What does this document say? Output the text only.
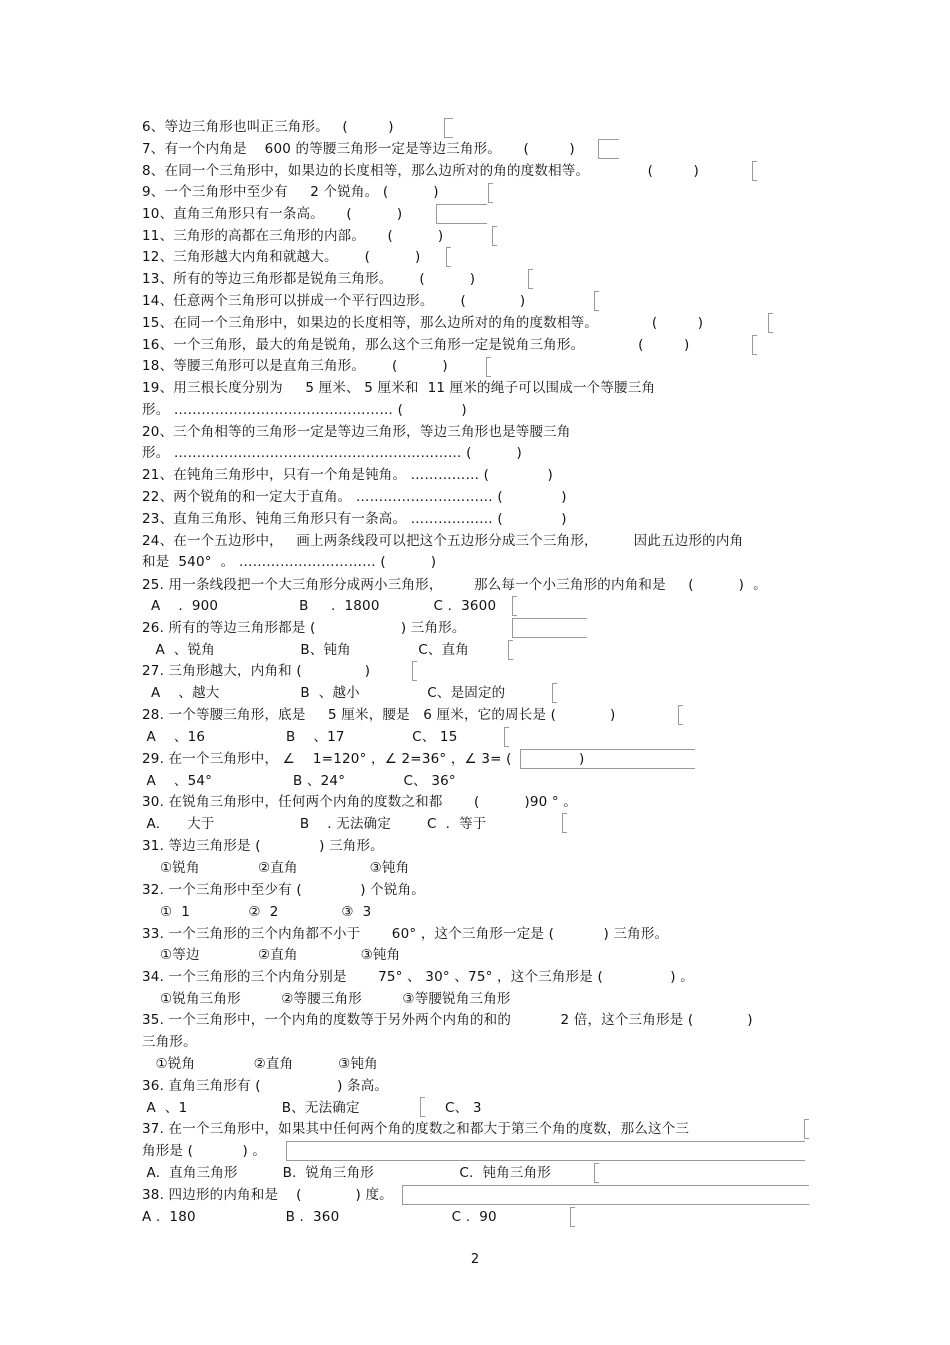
6、等边三角形也叫正三角形。   (         )
7、有一个内角是    600 的等腰三角形一定是等边三角形。     (         )
8、在同一个三角形中，如果边的长度相等，那么边所对的角的度数相等。             (         )
9、一个三角形中至少有     2 个锐角。 (          )
10、直角三角形只有一条高。     (          )
11、三角形的高都在三角形的内部。     (          )
12、三角形越大内角和就越大。      (          )
13、所有的等边三角形都是锐角三角形。      (          )
14、任意两个三角形可以拼成一个平行四边形。      (            )
15、在同一个三角形中，如果边的长度相等，那么边所对的角的度数相等。            (         )
16、一个三角形，最大的角是锐角，那么这个三角形一定是锐角三角形。            (         )
18、等腰三角形可以是直角三角形。      (          )
19、用三根长度分别为     5 厘米、 5 厘米和  11 厘米的绳子可以围成一个等腰三角
形。 ………………………………………… (             )
20、三个角相等的三角形一定是等边三角形，等边三角形也是等腰三角
形。 ……………………………………………………… (          )
21、在钝角三角形中，只有一个角是钝角。 …………… (             )
22、两个锐角的和一定大于直角。 ………………………… (             )
23、直角三角形、钝角三角形只有一条高。 ……………… (             )
24、在一个五边形中，   画上两条线段可以把这个五边形分成三个三角形，        因此五边形的内角
和是  540°  。 ………………………… (          )
25. 用一条线段把一个大三角形分成两小三角形，       那么每一个小三角形的内角和是     (          )  。
A    .  900                  B     .  1800            C .  3600
26. 所有的等边三角形都是 (                   ) 三角形。
A  、锐角                   B、钝角               C、直角
27. 三角形越大，内角和 (              )
A    、越大                  B  、越小               C、是固定的
28. 一个等腰三角形，底是     5 厘米，腰是   6 厘米，它的周长是 (            )
A    、16                  B    、17               C、 15
29. 在一个三角形中， ∠    1=120° ，∠ 2=36° ，∠ 3= (               )
A    、54°                  B 、24°             C、 36°
30. 在锐角三角形中，任何两个内角的度数之和都       (          )90 ° 。
A.      大于                   B    . 无法确定        C  .  等于
31. 等边三角形是 (             ) 三角形。
①锐角             ②直角                ③钝角
32. 一个三角形中至少有 (             ) 个锐角。
①  1             ②  2              ③  3
33. 一个三角形的三个内角都不小于       60° ，这个三角形一定是 (           ) 三角形。
①等边             ②直角              ③钝角
34. 一个三角形的三个内角分别是       75° 、 30° 、75° ，这个三角形是 (               ) 。
①锐角三角形         ②等腰三角形         ③等腰锐角三角形
35. 一个三角形中，一个内角的度数等于另外两个内角的和的           2 倍，这个三角形是 (            )
三角形。
①锐角             ②直角          ③钝角
36. 直角三角形有 (                 ) 条高。
A  、1                     B、无法确定                   C、 3
37. 在一个三角形中，如果其中任何两个角的度数之和都大于第三个角的度数，那么这个三
角形是 (           ) 。
A.  直角三角形          B.  锐角三角形                   C.  钝角三角形
38. 四边形的内角和是    (            ) 度。
A .  180                    B .  360                         C .  90
2
